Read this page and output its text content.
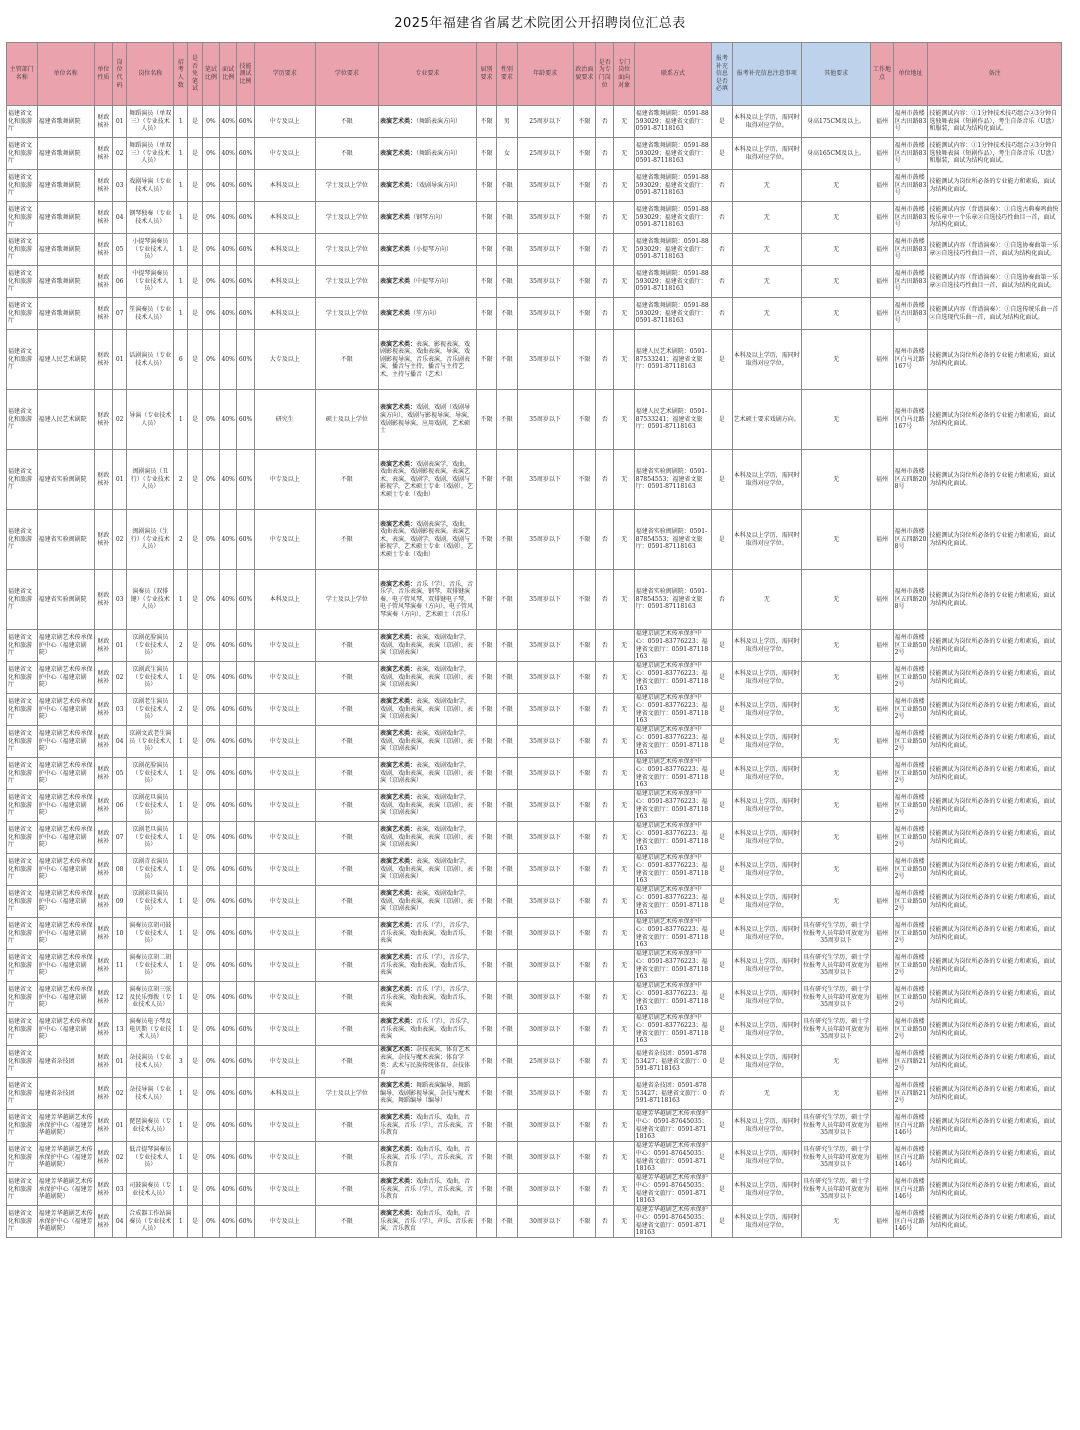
2025年福建省省属艺术院团公开招聘岗位汇总表
主管部门名称	单位名称	单位性质	岗位代码	岗位名称	招考人数	是否免笔试	笔试比例	面试比例	技能测试比例	学历要求	学位要求	专业要求	届别要求	性别要求	年龄要求	政治面貌要求	是否为专门岗位	专门岗位面向对象	联系方式	报考补充信息是否必填	报考补充信息注意事项	其他要求	工作地点	单位地址	备注
福建省文化和旅游厅	福建省歌舞剧院	财政核补	01	舞蹈演员（单双三）（专业技术人员）	1	是	0%	40%	60%	中专及以上	不限	表演艺术类：（舞蹈表演方向）	不限	男	25周岁以下	不限	否	无	福建省歌舞剧院：0591-88593029；福建省文旅厅：0591-87118163	是	本科及以上学历，需同时取得对应学位。	身高175CM及以上。	福州	福州市鼓楼区古田路83号	技能测试内容：①1分钟技术技巧组合②3分钟自选独舞表演（短剧作品），考生自备音乐（U盘）和服装，面试为结构化面试。
福建省文化和旅游厅	福建省歌舞剧院	财政核补	02	舞蹈演员（单双三）（专业技术人员）	1	是	0%	40%	60%	中专及以上	不限	表演艺术类：（舞蹈表演方向）	不限	女	25周岁以下	不限	否	无	福建省歌舞剧院：0591-88593029；福建省文旅厅：0591-87118163	是	本科及以上学历，需同时取得对应学位。	身高165CM及以上。	福州	福州市鼓楼区古田路83号	技能测试内容：①1分钟技术技巧组合②3分钟自选独舞表演（短剧作品），考生自备音乐（U盘）和服装，面试为结构化面试。
福建省文化和旅游厅	福建省歌舞剧院	财政核补	03	戏剧导演（专业技术人员）	1	是	0%	40%	60%	本科及以上	学士及以上学位	表演艺术类：（戏剧导演方向）	不限	不限	35周岁以下	不限	否	无	福建省歌舞剧院：0591-88593029；福建省文旅厅：0591-87118163	否	无	无	福州	福州市鼓楼区古田路83号	技能测试为岗位所必备的专业能力和素质，面试为结构化面试。
福建省文化和旅游厅	福建省歌舞剧院	财政核补	04	钢琴独奏（专业技术人员）	1	是	0%	40%	60%	本科及以上	学士及以上学位	表演艺术类（钢琴方向）	不限	不限	35周岁以下	不限	否	无	福建省歌舞剧院：0591-88593029；福建省文旅厅：0591-87118163	否	无	无	福州	福州市鼓楼区古田路83号	技能测试内容（背谱演奏）：①自选古典奏鸣曲快板乐章中一个乐章②自选技巧性曲目一首，面试为结构化面试。
福建省文化和旅游厅	福建省歌舞剧院	财政核补	05	小提琴演奏员（专业技术人员）	1	是	0%	40%	60%	本科及以上	学士及以上学位	表演艺术类（小提琴方向）	不限	不限	35周岁以下	不限	否	无	福建省歌舞剧院：0591-88593029；福建省文旅厅：0591-87118163	否	无	无	福州	福州市鼓楼区古田路83号	技能测试内容（背谱演奏）：①自选协奏曲第一乐章②自选技巧性曲目一首，面试为结构化面试。
福建省文化和旅游厅	福建省歌舞剧院	财政核补	06	中提琴演奏员（专业技术人员）	1	是	0%	40%	60%	本科及以上	学士及以上学位	表演艺术类（中提琴方向）	不限	不限	35周岁以下	不限	否	无	福建省歌舞剧院：0591-88593029；福建省文旅厅：0591-87118163	否	无	无	福州	福州市鼓楼区古田路83号	技能测试内容（背谱演奏）：①自选协奏曲第一乐章②自选技巧性曲目一首，面试为结构化面试。
福建省文化和旅游厅	福建省歌舞剧院	财政核补	07	笙演奏员（专业技术人员）	1	是	0%	40%	60%	本科及以上	学士及以上学位	表演艺术类（笙方向）	不限	不限	35周岁以下	不限	否	无	福建省歌舞剧院：0591-88593029；福建省文旅厅：0591-87118163	否	无	无	福州	福州市鼓楼区古田路83号	技能测试内容（背谱演奏）：①自选传统乐曲一首②自选现代乐曲一首，面试为结构化面试。
福建省文化和旅游厅	福建人民艺术剧院	财政核补	01	话剧演员（专业技术人员）	6	是	0%	40%	60%	大专及以上	不限	表演艺术类：表演，影视表演，戏剧影视表演，戏曲表演，导演，戏剧影视导演，音乐表演，音乐剧表演，播音与主持，播音与主持艺术，主持与播音（艺术）	不限	不限	35周岁以下	不限	否	无	福建人民艺术剧院：0591-87533241；福建省文旅厅：0591-87118163	是	本科及以上学历，需同时取得对应学位。	无	福州	福州市鼓楼区白马北路167号	技能测试为岗位所必备的专业能力和素质，面试为结构化面试。
福建省文化和旅游厅	福建人民艺术剧院	财政核补	02	导演（专业技术人员）	1	是	0%	40%	60%	研究生	硕士及以上学位	表演艺术类：戏剧，戏剧（戏剧导演方向），戏剧与影视导演，导演，戏剧影视导演，应用戏剧，艺术硕士	不限	不限	35周岁以下	不限	否	无	福建人民艺术剧院：0591-87533241；福建省文旅厅：0591-87118163	是	艺术硕士要求戏剧方向。	无	福州	福州市鼓楼区白马北路167号	技能测试为岗位所必备的专业能力和素质，面试为结构化面试。
福建省文化和旅游厅	福建省实验闽剧院	财政核补	01	闽剧演员（丑行）（专业技术人员）	2	是	0%	40%	60%	中专及以上	不限	表演艺术类：戏剧表演学，戏曲，戏曲表演，戏剧影视表演，表演艺术，表演，戏剧学，戏剧，戏剧与影视学，艺术硕士专业（戏剧），艺术硕士专业（戏曲）	不限	不限	35周岁以下	不限	否	无	福建省实验闽剧院：0591-87854553；福建省文旅厅：0591-87118163	是	本科及以上学历，需同时取得对应学位。	无	福州	福州市鼓楼区五四路208号	技能测试为岗位所必备的专业能力和素质，面试为结构化面试。
福建省文化和旅游厅	福建省实验闽剧院	财政核补	02	闽剧演员（生行）（专业技术人员）	2	是	0%	40%	60%	中专及以上	不限	表演艺术类：戏剧表演学，戏曲，戏曲表演，戏剧影视表演，表演艺术，表演，戏剧学，戏剧，戏剧与影视学，艺术硕士专业（戏剧），艺术硕士专业（戏曲）	不限	不限	35周岁以下	不限	否	无	福建省实验闽剧院：0591-87854553；福建省文旅厅：0591-87118163	是	本科及以上学历，需同时取得对应学位。	无	福州	福州市鼓楼区五四路208号	技能测试为岗位所必备的专业能力和素质，面试为结构化面试。
福建省文化和旅游厅	福建省实验闽剧院	财政核补	03	演奏员（双排键）（专业技术人员）	1	是	0%	40%	60%	本科及以上	学士及以上学位	表演艺术类：音乐（学），音乐，音乐学，音乐表演，钢琴，双排键演奏，电子管风琴，双排键电子琴，电子管风琴演奏（方向），电子管风琴演奏（方向），艺术硕士（音乐）	不限	不限	35周岁以下	不限	否	无	福建省实验闽剧院：0591-87854553；福建省文旅厅：0591-87118163	否	无	无	福州	福州市鼓楼区五四路208号	技能测试为岗位所必备的专业能力和素质，面试为结构化面试。
福建省文化和旅游厅	福建京剧艺术传承保护中心（福建京剧院）	财政核补	01	京剧花脸演员（专业技术人员）	2	是	0%	40%	60%	中专及以上	不限	表演艺术类：表演，戏剧戏曲学，戏剧，戏曲表演，表演（京剧），表演（京剧表演）	不限	不限	35周岁以下	不限	否	无	福建京剧艺术传承保护中心：0591-83776223；福建省文旅厅：0591-87118163	是	本科及以上学历，需同时取得对应学位。	无	福州	福州市鼓楼区工业路502号	技能测试为岗位所必备的专业能力和素质，面试为结构化面试。
福建省文化和旅游厅	福建京剧艺术传承保护中心（福建京剧院）	财政核补	02	京剧武生演员（专业技术人员）	1	是	0%	40%	60%	中专及以上	不限	表演艺术类：表演，戏剧戏曲学，戏剧，戏曲表演，表演（京剧），表演（京剧表演）	不限	不限	35周岁以下	不限	否	无	福建京剧艺术传承保护中心：0591-83776223；福建省文旅厅：0591-87118163	是	本科及以上学历，需同时取得对应学位。	无	福州	福州市鼓楼区工业路502号	技能测试为岗位所必备的专业能力和素质，面试为结构化面试。
福建省文化和旅游厅	福建京剧艺术传承保护中心（福建京剧院）	财政核补	03	京剧老生演员（专业技术人员）	2	是	0%	40%	60%	中专及以上	不限	表演艺术类：表演，戏剧戏曲学，戏剧，戏曲表演，表演（京剧），表演（京剧表演）	不限	不限	35周岁以下	不限	否	无	福建京剧艺术传承保护中心：0591-83776223；福建省文旅厅：0591-87118163	是	本科及以上学历，需同时取得对应学位。	无	福州	福州市鼓楼区工业路502号	技能测试为岗位所必备的专业能力和素质，面试为结构化面试。
福建省文化和旅游厅	福建京剧艺术传承保护中心（福建京剧院）	财政核补	04	京剧文武老生演员（专业技术人员）	1	是	0%	40%	60%	中专及以上	不限	表演艺术类：表演，戏剧戏曲学，戏剧，戏曲表演，表演（京剧），表演（京剧表演）	不限	不限	35周岁以下	不限	否	无	福建京剧艺术传承保护中心：0591-83776223；福建省文旅厅：0591-87118163	是	本科及以上学历，需同时取得对应学位。	无	福州	福州市鼓楼区工业路502号	技能测试为岗位所必备的专业能力和素质，面试为结构化面试。
福建省文化和旅游厅	福建京剧艺术传承保护中心（福建京剧院）	财政核补	05	京剧花脸演员（专业技术人员）	1	是	0%	40%	60%	中专及以上	不限	表演艺术类：表演，戏剧戏曲学，戏剧，戏曲表演，表演（京剧），表演（京剧表演）	不限	不限	35周岁以下	不限	否	无	福建京剧艺术传承保护中心：0591-83776223；福建省文旅厅：0591-87118163	是	本科及以上学历，需同时取得对应学位。	无	福州	福州市鼓楼区工业路502号	技能测试为岗位所必备的专业能力和素质，面试为结构化面试。
福建省文化和旅游厅	福建京剧艺术传承保护中心（福建京剧院）	财政核补	06	京剧花旦演员（专业技术人员）	1	是	0%	40%	60%	中专及以上	不限	表演艺术类：表演，戏剧戏曲学，戏剧，戏曲表演，表演（京剧），表演（京剧表演）	不限	不限	35周岁以下	不限	否	无	福建京剧艺术传承保护中心：0591-83776223；福建省文旅厅：0591-87118163	是	本科及以上学历，需同时取得对应学位。	无	福州	福州市鼓楼区工业路502号	技能测试为岗位所必备的专业能力和素质，面试为结构化面试。
福建省文化和旅游厅	福建京剧艺术传承保护中心（福建京剧院）	财政核补	07	京剧老旦演员（专业技术人员）	1	是	0%	40%	60%	中专及以上	不限	表演艺术类：表演，戏剧戏曲学，戏剧，戏曲表演，表演（京剧），表演（京剧表演）	不限	不限	35周岁以下	不限	否	无	福建京剧艺术传承保护中心：0591-83776223；福建省文旅厅：0591-87118163	是	本科及以上学历，需同时取得对应学位。	无	福州	福州市鼓楼区工业路502号	技能测试为岗位所必备的专业能力和素质，面试为结构化面试。
福建省文化和旅游厅	福建京剧艺术传承保护中心（福建京剧院）	财政核补	08	京剧青衣演员（专业技术人员）	1	是	0%	40%	60%	中专及以上	不限	表演艺术类：表演，戏剧戏曲学，戏剧，戏曲表演，表演（京剧），表演（京剧表演）	不限	不限	35周岁以下	不限	否	无	福建京剧艺术传承保护中心：0591-83776223；福建省文旅厅：0591-87118163	是	本科及以上学历，需同时取得对应学位。	无	福州	福州市鼓楼区工业路502号	技能测试为岗位所必备的专业能力和素质，面试为结构化面试。
福建省文化和旅游厅	福建京剧艺术传承保护中心（福建京剧院）	财政核补	09	京剧彩旦演员（专业技术人员）	1	是	0%	40%	60%	中专及以上	不限	表演艺术类：表演，戏剧戏曲学，戏剧，戏曲表演，表演（京剧），表演（京剧表演）	不限	不限	35周岁以下	不限	否	无	福建京剧艺术传承保护中心：0591-83776223；福建省文旅厅：0591-87118163	是	本科及以上学历，需同时取得对应学位。	无	福州	福州市鼓楼区工业路502号	技能测试为岗位所必备的专业能力和素质，面试为结构化面试。
福建省文化和旅游厅	福建京剧艺术传承保护中心（福建京剧院）	财政核补	10	演奏员京胡司鼓（专业技术人员）	1	是	0%	40%	60%	中专及以上	不限	表演艺术类：音乐（学），音乐学，音乐表演，戏曲表演，戏曲音乐，表演	不限	不限	30周岁以下	不限	否	无	福建京剧艺术传承保护中心：0591-83776223；福建省文旅厅：0591-87118163	是	本科及以上学历，需同时取得对应学位。	具有研究生学历，硕士学位报考人员年龄可放宽为35周岁以下	福州	福州市鼓楼区工业路502号	技能测试为岗位所必备的专业能力和素质，面试为结构化面试。
福建省文化和旅游厅	福建京剧艺术传承保护中心（福建京剧院）	财政核补	11	演奏员京胡二胡（专业技术人员）	1	是	0%	40%	60%	中专及以上	不限	表演艺术类：音乐（学），音乐学，音乐表演，戏曲表演，戏曲音乐，表演	不限	不限	30周岁以下	不限	否	无	福建京剧艺术传承保护中心：0591-83776223；福建省文旅厅：0591-87118163	是	本科及以上学历，需同时取得对应学位。	具有研究生学历，硕士学位报考人员年龄可放宽为35周岁以下	福州	福州市鼓楼区工业路502号	技能测试为岗位所必备的专业能力和素质，面试为结构化面试。
福建省文化和旅游厅	福建京剧艺术传承保护中心（福建京剧院）	财政核补	12	演奏员京胡三弦及民乐弹拨（专业技术人员）	1	是	0%	40%	60%	中专及以上	不限	表演艺术类：音乐（学），音乐学，音乐表演，戏曲表演，戏曲音乐，表演	不限	不限	30周岁以下	不限	否	无	福建京剧艺术传承保护中心：0591-83776223；福建省文旅厅：0591-87118163	是	本科及以上学历，需同时取得对应学位。	具有研究生学历，硕士学位报考人员年龄可放宽为35周岁以下	福州	福州市鼓楼区工业路502号	技能测试为岗位所必备的专业能力和素质，面试为结构化面试。
福建省文化和旅游厅	福建京剧艺术传承保护中心（福建京剧院）	财政核补	13	演奏员电子琴及电贝斯（专业技术人员）	1	是	0%	40%	60%	中专及以上	不限	表演艺术类：音乐（学），音乐学，音乐表演，戏曲表演，戏曲音乐，表演	不限	不限	30周岁以下	不限	否	无	福建京剧艺术传承保护中心：0591-83776223；福建省文旅厅：0591-87118163	是	本科及以上学历，需同时取得对应学位。	具有研究生学历，硕士学位报考人员年龄可放宽为35周岁以下	福州	福州市鼓楼区工业路502号	技能测试为岗位所必备的专业能力和素质，面试为结构化面试。
福建省文化和旅游厅	福建省杂技团	财政核补	01	杂技演员（专业技术人员）	3	是	0%	40%	60%	中专及以上	不限	表演艺术类：杂技表演，体育艺术表演，杂技与魔术表演；体育学类：武术与民族传统体育，杂技体育	不限	不限	25周岁以下	不限	否	无	福建省杂技团：0591-87853427；福建省文旅厅：0591-87118163	是	本科及以上学历，需同时取得对应学位。	无	福州	福州市鼓楼区五四路212号	技能测试为岗位所必备的专业能力和素质，面试为结构化面试。
福建省文化和旅游厅	福建省杂技团	财政核补	02	杂技导演（专业技术人员）	1	是	0%	40%	60%	本科及以上	学士及以上学位	表演艺术类：舞蹈表演编导，舞蹈编导，戏剧影视导演，杂技与魔术表演，舞蹈编导（编导）	不限	不限	35周岁以下	不限	否	无	福建省杂技团：0591-87853427；福建省文旅厅：0591-87118163	否	无	无	福州	福州市鼓楼区五四路212号	技能测试为岗位所必备的专业能力和素质，面试为结构化面试。
福建省文化和旅游厅	福建芳华越剧艺术传承保护中心（福建芳华越剧院）	财政核补	01	琵琶演奏员（专业技术人员）	1	是	0%	40%	60%	中专及以上	不限	表演艺术类：戏曲音乐，戏曲，音乐表演，音乐（学），音乐表演，音乐教育	不限	不限	30周岁以下	不限	否	无	福建芳华越剧艺术传承保护中心：0591-87645035；福建省文旅厅：0591-87118163	是	本科及以上学历，需同时取得对应学位。	具有研究生学历，硕士学位报考人员年龄可放宽为35周岁以下	福州	福州市鼓楼区白马北路146号	技能测试为岗位所必备的专业能力和素质，面试为结构化面试。
福建省文化和旅游厅	福建芳华越剧艺术传承保护中心（福建芳华越剧院）	财政核补	02	低音提琴演奏员（专业技术人员）	1	是	0%	40%	60%	中专及以上	不限	表演艺术类：戏曲音乐，戏曲，音乐表演，音乐（学），音乐表演，音乐教育	不限	不限	30周岁以下	不限	否	无	福建芳华越剧艺术传承保护中心：0591-87645035；福建省文旅厅：0591-87118163	是	本科及以上学历，需同时取得对应学位。	具有研究生学历，硕士学位报考人员年龄可放宽为35周岁以下	福州	福州市鼓楼区白马北路146号	技能测试为岗位所必备的专业能力和素质，面试为结构化面试。
福建省文化和旅游厅	福建芳华越剧艺术传承保护中心（福建芳华越剧院）	财政核补	03	司鼓演奏员（专业技术人员）	1	是	0%	40%	60%	中专及以上	不限	表演艺术类：戏曲音乐，戏曲，音乐表演，音乐（学），音乐表演，音乐教育	不限	不限	30周岁以下	不限	否	无	福建芳华越剧艺术传承保护中心：0591-87645035；福建省文旅厅：0591-87118163	是	本科及以上学历，需同时取得对应学位。	具有研究生学历，硕士学位报考人员年龄可放宽为35周岁以下	福州	福州市鼓楼区白马北路146号	技能测试为岗位所必备的专业能力和素质，面试为结构化面试。
福建省文化和旅游厅	福建芳华越剧艺术传承保护中心（福建芳华越剧院）	财政核补	04	合成器工作站演奏员（专业技术人员）	1	是	0%	40%	60%	中专及以上	不限	表演艺术类：戏曲音乐，戏曲，音乐表演，音乐（学），声乐，音乐表演，音乐教育	不限	不限	30周岁以下	不限	否	无	福建芳华越剧艺术传承保护中心：0591-87645035；福建省文旅厅：0591-87118163	是	本科及以上学历，需同时取得对应学位。	无	福州	福州市鼓楼区白马北路146号	技能测试为岗位所必备的专业能力和素质，面试为结构化面试。
